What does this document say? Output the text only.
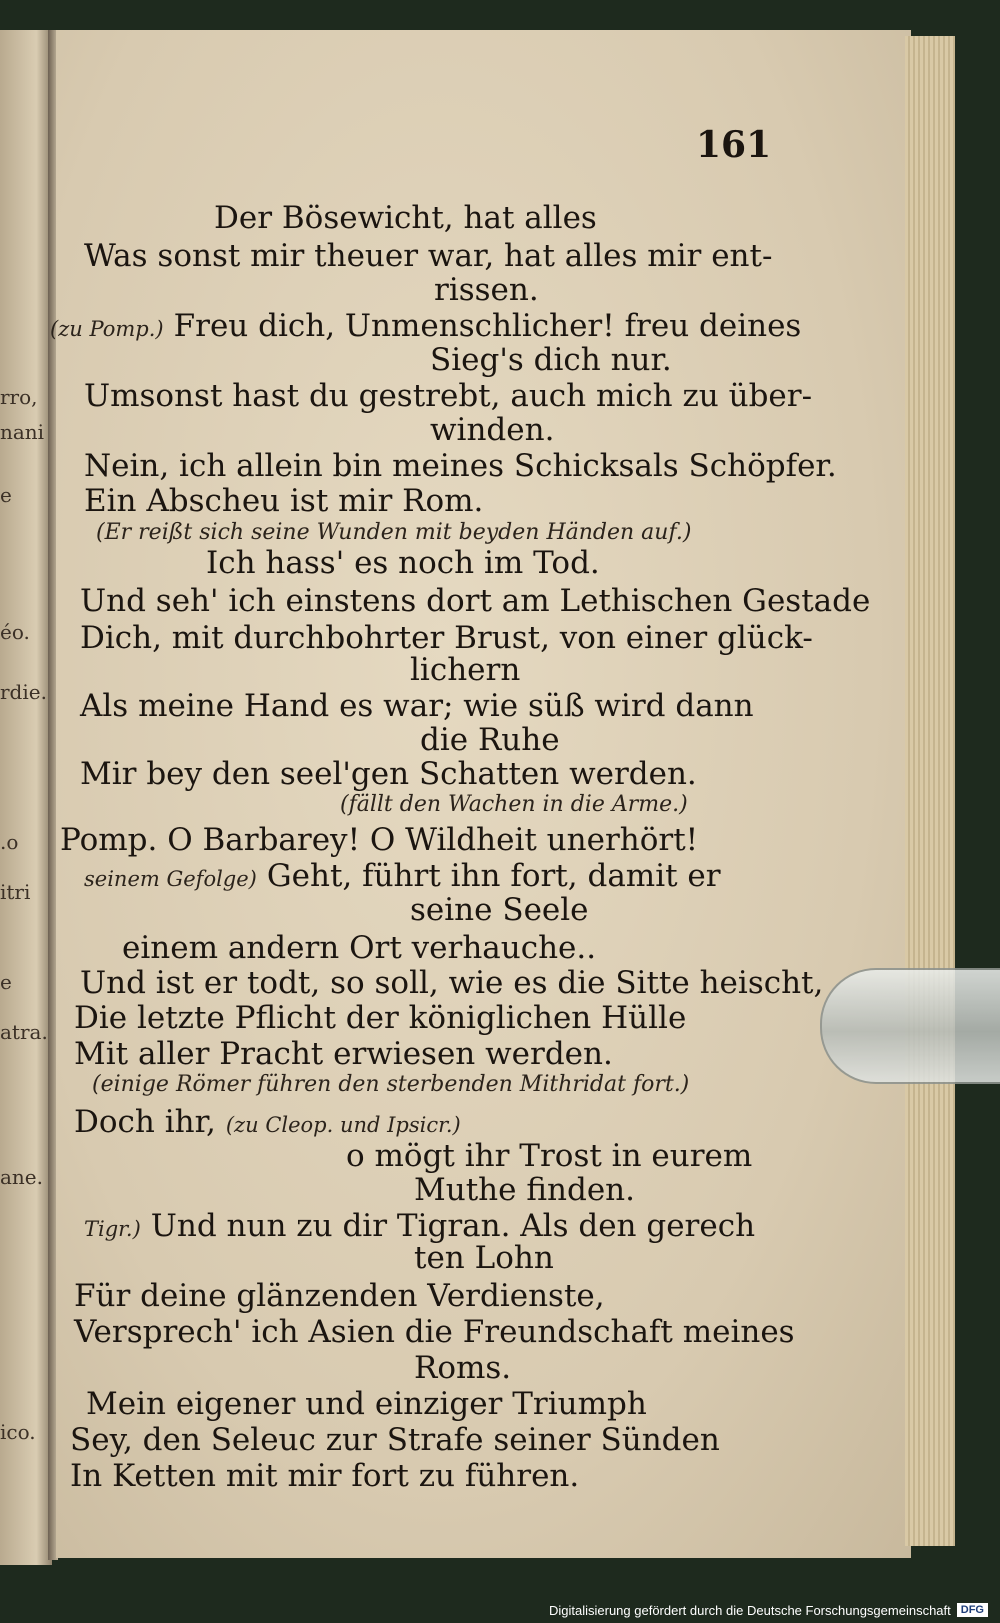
rro,
nani
e
éo.
rdie.
.o
itri
e
atra.
ane.
ico.
161
Der Bösewicht, hat alles
Was sonst mir theuer war, hat alles mir ent-
rissen.
(zu Pomp.) Freu dich, Unmenschlicher! freu deines
Sieg's dich nur.
Umsonst hast du gestrebt, auch mich zu über-
winden.
Nein, ich allein bin meines Schicksals Schöpfer.
Ein Abscheu ist mir Rom.
(Er reißt sich seine Wunden mit beyden Händen auf.)
Ich hass' es noch im Tod.
Und seh' ich einstens dort am Lethischen Gestade
Dich, mit durchbohrter Brust, von einer glück-
lichern
Als meine Hand es war; wie süß wird dann
die Ruhe
Mir bey den seel'gen Schatten werden.
(fällt den Wachen in die Arme.)
Pomp. O Barbarey! O Wildheit unerhört!
seinem Gefolge) Geht, führt ihn fort, damit er
seine Seele
einem andern Ort verhauche..
Und ist er todt, so soll, wie es die Sitte heischt,
Die letzte Pflicht der königlichen Hülle
Mit aller Pracht erwiesen werden.
(einige Römer führen den sterbenden Mithridat fort.)
Doch ihr, (zu Cleop. und Ipsicr.)
o mögt ihr Trost in eurem
Muthe finden.
Tigr.) Und nun zu dir Tigran. Als den gerech
ten Lohn
Für deine glänzenden Verdienste,
Versprech' ich Asien die Freundschaft meines
Roms.
Mein eigener und einziger Triumph
Sey, den Seleuc zur Strafe seiner Sünden
In Ketten mit mir fort zu führen.
Digitalisierung gefördert durch die Deutsche Forschungsgemeinschaft DFG
